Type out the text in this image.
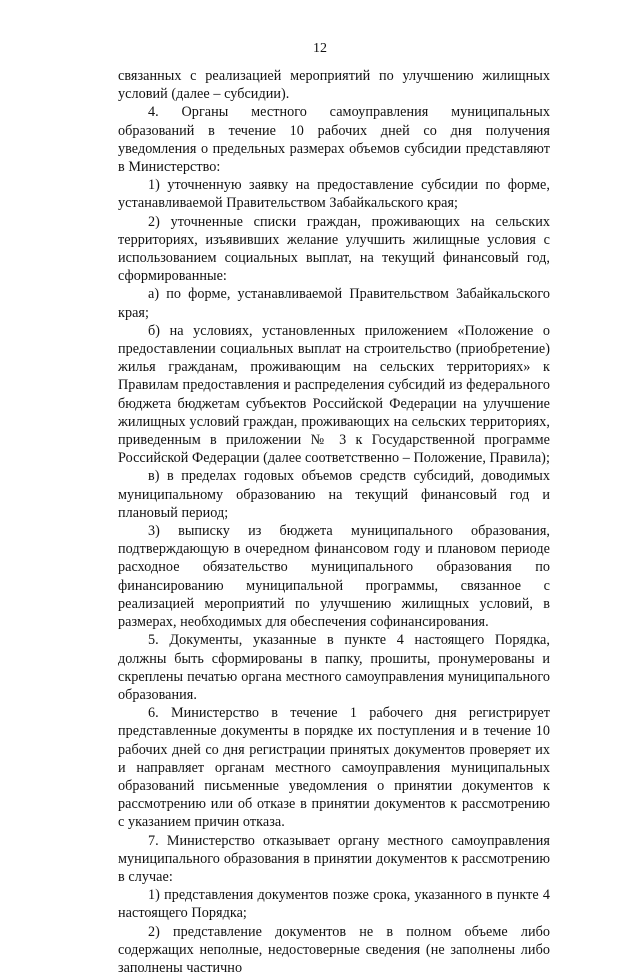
12

связанных с реализацией мероприятий по улучшению жилищных условий (далее – субсидии).

4. Органы местного самоуправления муниципальных образований в течение 10 рабочих дней со дня получения уведомления о предельных размерах объемов субсидии представляют в Министерство:

1) уточненную заявку на предоставление субсидии по форме, устанавливаемой Правительством Забайкальского края;

2) уточненные списки граждан, проживающих на сельских территориях, изъявивших желание улучшить жилищные условия с использованием социальных выплат, на текущий финансовый год, сформированные:

а) по форме, устанавливаемой Правительством Забайкальского края;

б) на условиях, установленных приложением «Положение о предоставлении социальных выплат на строительство (приобретение) жилья гражданам, проживающим на сельских территориях» к Правилам предоставления и распределения субсидий из федерального бюджета бюджетам субъектов Российской Федерации на улучшение жилищных условий граждан, проживающих на сельских территориях, приведенным в приложении № 3 к Государственной программе Российской Федерации (далее соответственно – Положение, Правила);

в) в пределах годовых объемов средств субсидий, доводимых муниципальному образованию на текущий финансовый год и плановый период;

3) выписку из бюджета муниципального образования, подтверждающую в очередном финансовом году и плановом периоде расходное обязательство муниципального образования по финансированию муниципальной программы, связанное с реализацией мероприятий по улучшению жилищных условий, в размерах, необходимых для обеспечения софинансирования.

5. Документы, указанные в пункте 4 настоящего Порядка, должны быть сформированы в папку, прошиты, пронумерованы и скреплены печатью органа местного самоуправления муниципального образования.

6. Министерство в течение 1 рабочего дня регистрирует представленные документы в порядке их поступления и в течение 10 рабочих дней со дня регистрации принятых документов проверяет их и направляет органам местного самоуправления муниципальных образований письменные уведомления о принятии документов к рассмотрению или об отказе в принятии документов к рассмотрению с указанием причин отказа.

7. Министерство отказывает органу местного самоуправления муниципального образования в принятии документов к рассмотрению в случае:

1) представления документов позже срока, указанного в пункте 4 настоящего Порядка;

2) представление документов не в полном объеме либо содержащих неполные, недостоверные сведения (не заполнены либо заполнены частично
